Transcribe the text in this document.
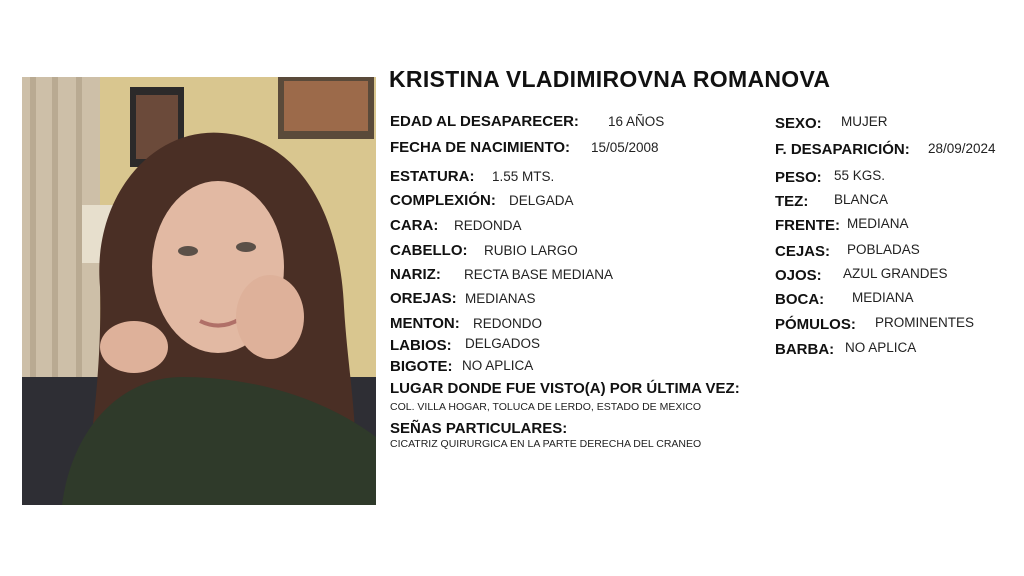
KRISTINA VLADIMIROVNA ROMANOVA
EDAD AL DESAPARECER: 16 AÑOS
FECHA DE NACIMIENTO: 15/05/2008
ESTATURA: 1.55 MTS.
COMPLEXIÓN: DELGADA
CARA: REDONDA
CABELLO: RUBIO LARGO
NARIZ: RECTA BASE MEDIANA
OREJAS: MEDIANAS
MENTON: REDONDO
LABIOS: DELGADOS
BIGOTE: NO APLICA
SEXO: MUJER
F. DESAPARICIÓN: 28/09/2024
PESO: 55 KGS.
TEZ: BLANCA
FRENTE: MEDIANA
CEJAS: POBLADAS
OJOS: AZUL GRANDES
BOCA: MEDIANA
PÓMULOS: PROMINENTES
BARBA: NO APLICA
LUGAR DONDE FUE VISTO(A) POR ÚLTIMA VEZ:
COL. VILLA HOGAR, TOLUCA DE LERDO, ESTADO DE MEXICO
SEÑAS PARTICULARES:
CICATRIZ QUIRURGICA EN LA PARTE DERECHA DEL CRANEO
